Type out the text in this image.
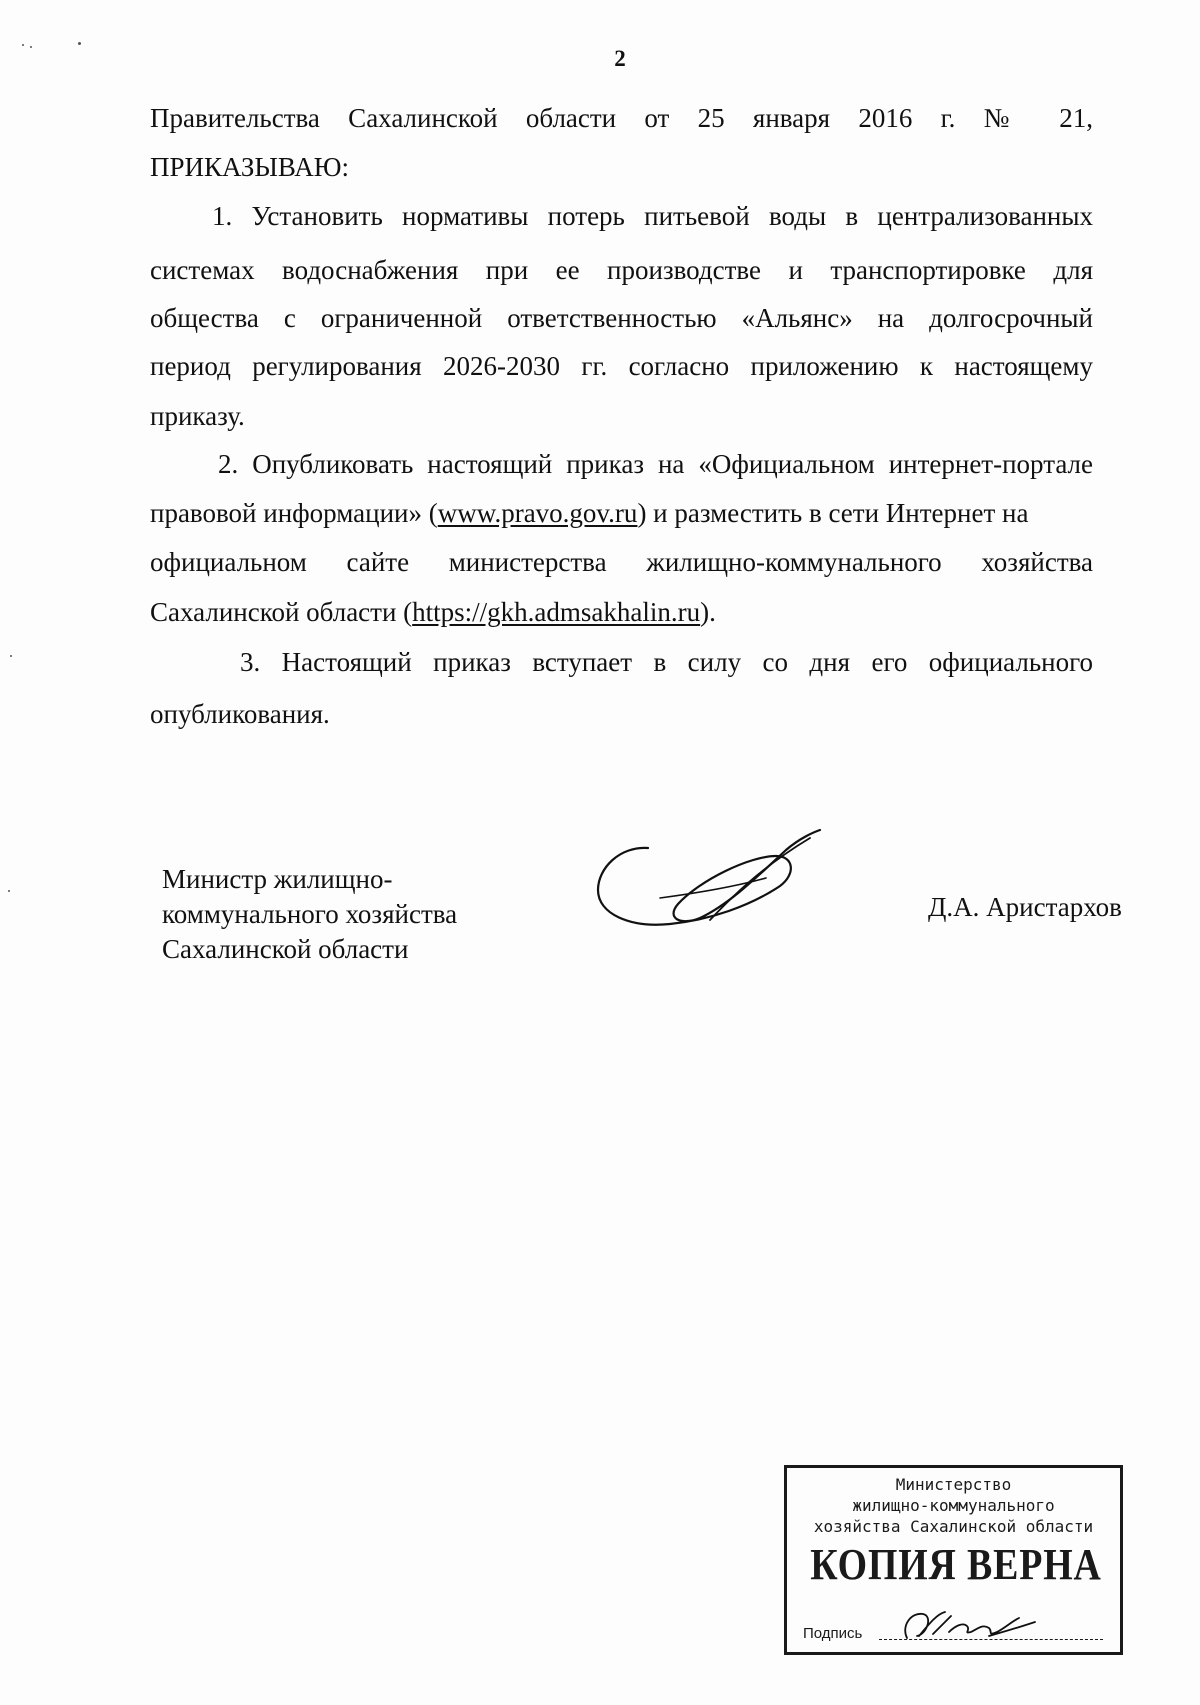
2
Правительства Сахалинской области от 25 января 2016 г. № 21,
ПРИКАЗЫВАЮ:
1. Установить нормативы потерь питьевой воды в централизованных
системах водоснабжения при ее производстве и транспортировке для
общества с ограниченной ответственностью «Альянс» на долгосрочный
период регулирования 2026-2030 гг. согласно приложению к настоящему
приказу.
2. Опубликовать настоящий приказ на «Официальном интернет-портале
правовой информации» (www.pravo.gov.ru) и разместить в сети Интернет на
официальном сайте министерства жилищно-коммунального хозяйства
Сахалинской области (https://gkh.admsakhalin.ru).
3. Настоящий приказ вступает в силу со дня его официального
опубликования.
Министр жилищно-
коммунального хозяйства
Сахалинской области
Д.А. Аристархов
Министерство
жилищно-коммунального
хозяйства Сахалинской области
КОПИЯ ВЕРНА
Подпись
